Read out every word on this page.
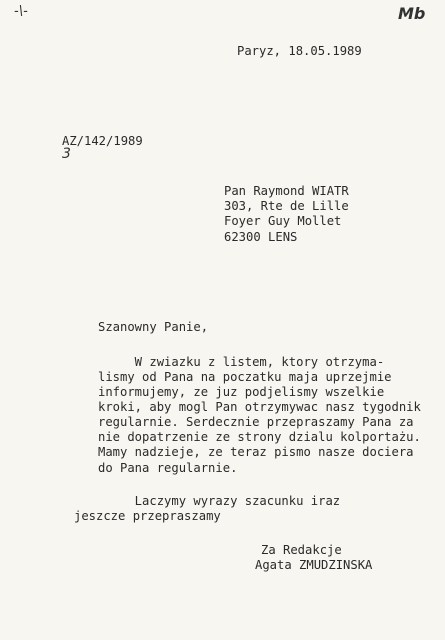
-\-	Mb
Paryz, 18.05.1989
AZ/142/1989
3
Pan Raymond WIATR
303, Rte de Lille
Foyer Guy Mollet
62300 LENS
Szanowny Panie,
W zwiazku z listem, ktory otrzyma-
lismy od Pana na poczatku maja uprzejmie
informujemy, ze juz podjelismy wszelkie
kroki, aby mogl Pan otrzymywac nasz tygodnik
regularnie. Serdecznie przepraszamy Pana za
nie dopatrzenie ze strony dzialu kolportażu.
Mamy nadzieje, ze teraz pismo nasze dociera
do Pana regularnie.
Laczymy wyrazy szacunku iraz
jeszcze przepraszamy
Za Redakcje
Agata ZMUDZINSKA
